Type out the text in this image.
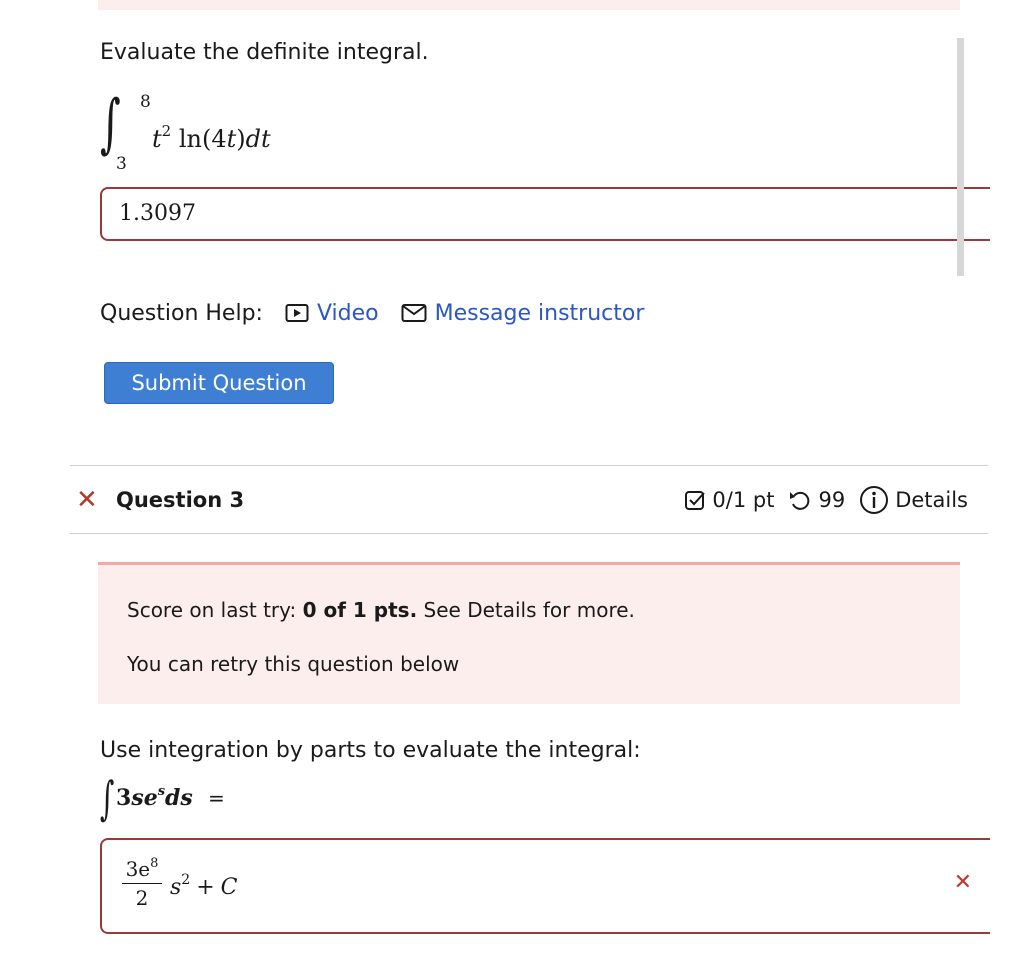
Evaluate the definite integral.
∫ 8
3
$t^2$ ln(4t)dt
1.3097
Question Help: Video	Message instructor
Submit Question
✕ Question 3	0/1 pt 99 Details
Score on last try: 0 of 1 pts. See Details for more.
You can retry this question below
Use integration by parts to evaluate the integral:
∫ $3se^sds$ =
$\frac{3e^8}{2} s^2 + C$	✕
